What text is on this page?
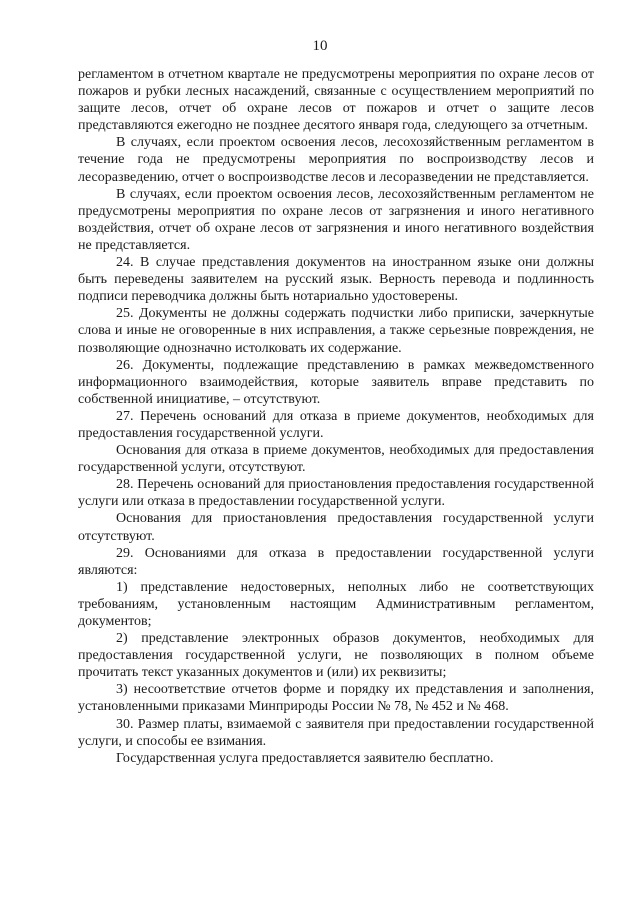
10

регламентом в отчетном квартале не предусмотрены мероприятия по охране лесов от пожаров и рубки лесных насаждений, связанные с осуществлением мероприятий по защите лесов, отчет об охране лесов от пожаров и отчет о защите лесов представляются ежегодно не позднее десятого января года, следующего за отчетным.

В случаях, если проектом освоения лесов, лесохозяйственным регламентом в течение года не предусмотрены мероприятия по воспроизводству лесов и лесоразведению, отчет о воспроизводстве лесов и лесоразведении не представляется.

В случаях, если проектом освоения лесов, лесохозяйственным регламентом не предусмотрены мероприятия по охране лесов от загрязнения и иного негативного воздействия, отчет об охране лесов от загрязнения и иного негативного воздействия не представляется.

24. В случае представления документов на иностранном языке они должны быть переведены заявителем на русский язык. Верность перевода и подлинность подписи переводчика должны быть нотариально удостоверены.

25. Документы не должны содержать подчистки либо приписки, зачеркнутые слова и иные не оговоренные в них исправления, а также серьезные повреждения, не позволяющие однозначно истолковать их содержание.

26. Документы, подлежащие представлению в рамках межведомственного информационного взаимодействия, которые заявитель вправе представить по собственной инициативе, – отсутствуют.

27. Перечень оснований для отказа в приеме документов, необходимых для предоставления государственной услуги.

Основания для отказа в приеме документов, необходимых для предоставления государственной услуги, отсутствуют.

28. Перечень оснований для приостановления предоставления государственной услуги или отказа в предоставлении государственной услуги.

Основания для приостановления предоставления государственной услуги отсутствуют.

29. Основаниями для отказа в предоставлении государственной услуги являются:

1) представление недостоверных, неполных либо не соответствующих требованиям, установленным настоящим Административным регламентом, документов;

2) представление электронных образов документов, необходимых для предоставления государственной услуги, не позволяющих в полном объеме прочитать текст указанных документов и (или) их реквизиты;

3) несоответствие отчетов форме и порядку их представления и заполнения, установленными приказами Минприроды России № 78, № 452 и № 468.

30. Размер платы, взимаемой с заявителя при предоставлении государственной услуги, и способы ее взимания.

Государственная услуга предоставляется заявителю бесплатно.
